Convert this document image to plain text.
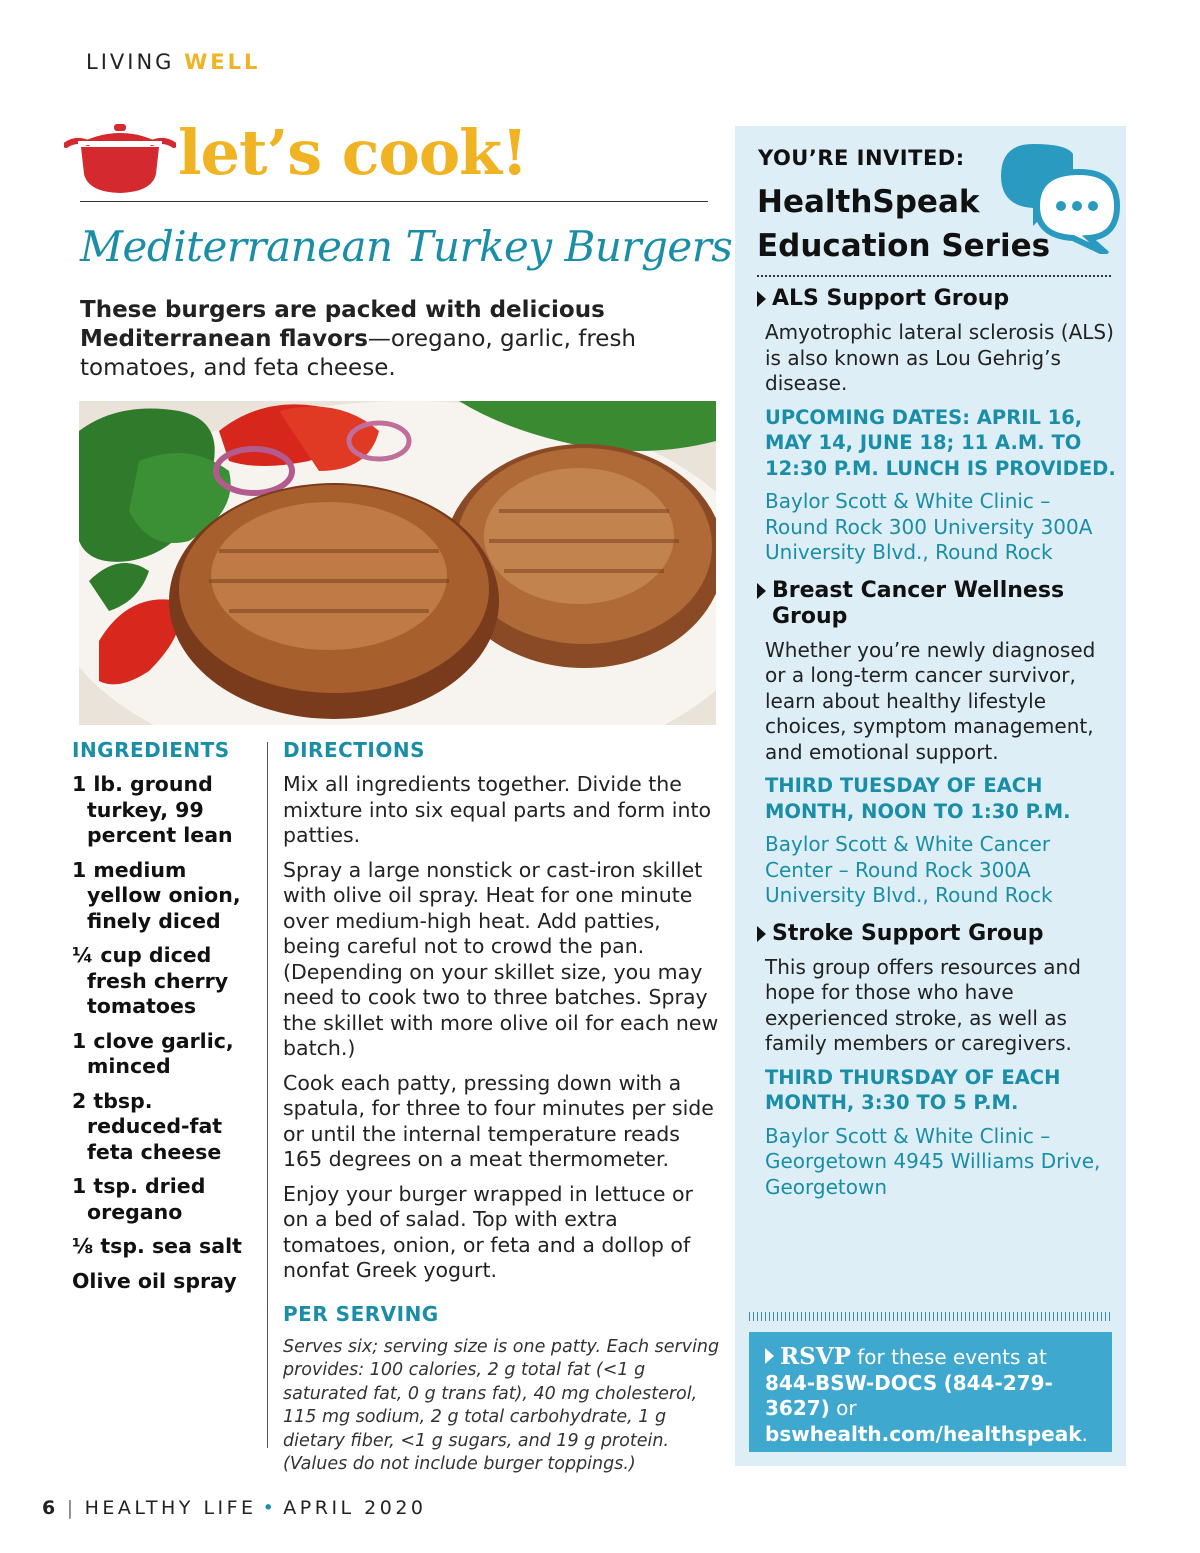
LIVING WELL
let’s cook!
Mediterranean Turkey Burgers

These burgers are packed with delicious Mediterranean flavors—oregano, garlic, fresh tomatoes, and feta cheese.

INGREDIENTS
1 lb. ground turkey, 99 percent lean
1 medium yellow onion, finely diced
¼ cup diced fresh cherry tomatoes
1 clove garlic, minced
2 tbsp. reduced-fat feta cheese
1 tsp. dried oregano
⅛ tsp. sea salt
Olive oil spray
DIRECTIONS

Mix all ingredients together. Divide the mixture into six equal parts and form into patties.

Spray a large nonstick or cast-iron skillet with olive oil spray. Heat for one minute over medium-high heat. Add patties, being careful not to crowd the pan. (Depending on your skillet size, you may need to cook two to three batches. Spray the skillet with more olive oil for each new batch.)

Cook each patty, pressing down with a spatula, for three to four minutes per side or until the internal temperature reads 165 degrees on a meat thermometer.

Enjoy your burger wrapped in lettuce or on a bed of salad. Top with extra tomatoes, onion, or feta and a dollop of nonfat Greek yogurt.

PER SERVING

Serves six; serving size is one patty. Each serving provides: 100 calories, 2 g total fat (<1 g saturated fat, 0 g trans fat), 40 mg cholesterol, 115 mg sodium, 2 g total carbohydrate, 1 g dietary fiber, <1 g sugars, and 19 g protein. (Values do not include burger toppings.)

YOU’RE INVITED:
HealthSpeak
Education Series
ALS Support Group

Amyotrophic lateral sclerosis (ALS) is also known as Lou Gehrig’s disease.

UPCOMING DATES: APRIL 16, MAY 14, JUNE 18; 11 A.M. TO 12:30 P.M. LUNCH IS PROVIDED.

Baylor Scott & White Clinic – Round Rock 300 University 300A University Blvd., Round Rock

Breast Cancer Wellness Group

Whether you’re newly diagnosed or a long-term cancer survivor, learn about healthy lifestyle choices, symptom management, and emotional support.

THIRD TUESDAY OF EACH MONTH, NOON TO 1:30 P.M.

Baylor Scott & White Cancer Center – Round Rock 300A University Blvd., Round Rock

Stroke Support Group

This group offers resources and hope for those who have experienced stroke, as well as family members or caregivers.

THIRD THURSDAY OF EACH MONTH, 3:30 TO 5 P.M.

Baylor Scott & White Clinic – Georgetown 4945 Williams Drive, Georgetown

RSVP for these events at 844-BSW-DOCS (844-279-3627) or bswhealth.com/healthspeak.
6 | HEALTHY LIFE • APRIL 2020
